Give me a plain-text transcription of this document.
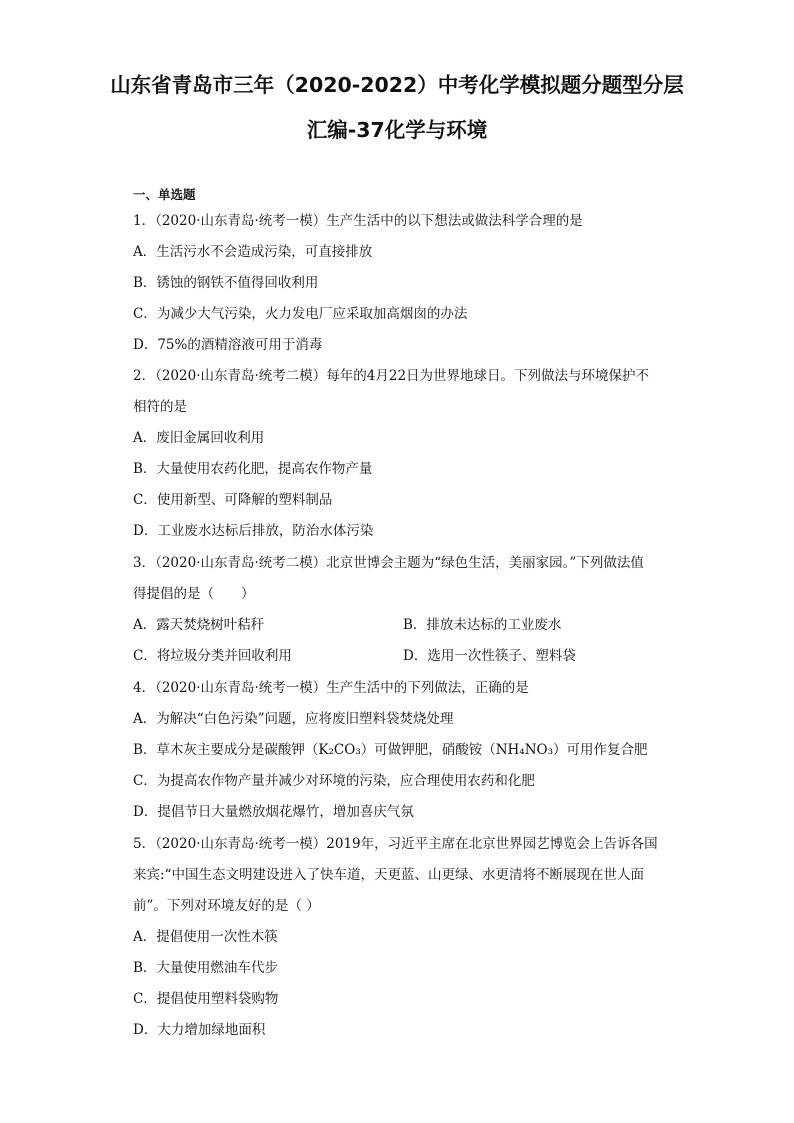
山东省青岛市三年（2020-2022）中考化学模拟题分题型分层
汇编-37化学与环境
一、单选题
1．（2020·山东青岛·统考一模）生产生活中的以下想法或做法科学合理的是
A．生活污水不会造成污染，可直接排放
B．锈蚀的钢铁不值得回收利用
C．为减少大气污染，火力发电厂应采取加高烟囱的办法
D．75%的酒精溶液可用于消毒
2．（2020·山东青岛·统考二模）每年的4月22日为世界地球日。下列做法与环境保护不
相符的是
A．废旧金属回收利用
B．大量使用农药化肥，提高农作物产量
C．使用新型、可降解的塑料制品
D．工业废水达标后排放，防治水体污染
3．（2020·山东青岛·统考二模）北京世博会主题为“绿色生活，美丽家园。”下列做法值
得提倡的是（　　）
A．露天焚烧树叶秸秆	B．排放未达标的工业废水
C．将垃圾分类并回收利用	D．选用一次性筷子、塑料袋
4．（2020·山东青岛·统考一模）生产生活中的下列做法，正确的是
A．为解决“白色污染”问题，应将废旧塑料袋焚烧处理
B．草木灰主要成分是碳酸钾（K₂CO₃）可做钾肥，硝酸铵（NH₄NO₃）可用作复合肥
C．为提高农作物产量并减少对环境的污染，应合理使用农药和化肥
D．提倡节日大量燃放烟花爆竹，增加喜庆气氛
5．（2020·山东青岛·统考一模）2019年，习近平主席在北京世界园艺博览会上告诉各国
来宾:“中国生态文明建设进入了快车道，天更蓝、山更绿、水更清将不断展现在世人面
前”。下列对环境友好的是（ ）
A．提倡使用一次性木筷
B．大量使用燃油车代步
C．提倡使用塑料袋购物
D．大力增加绿地面积
